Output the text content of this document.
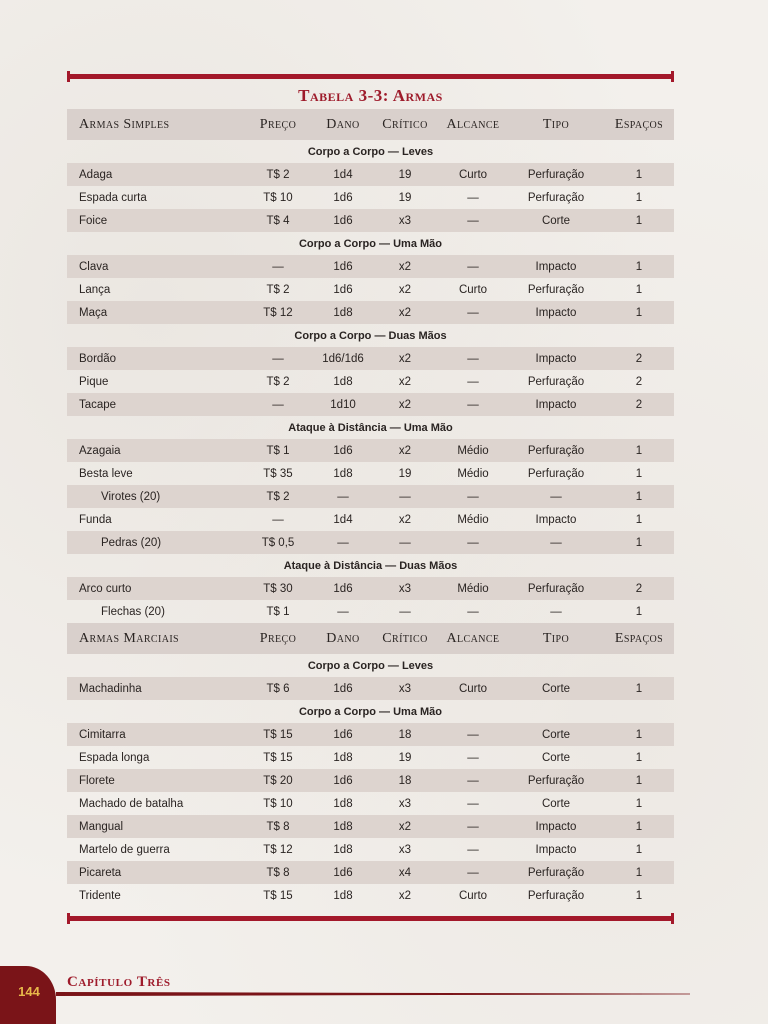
Tabela 3-3: Armas
Armas Simples	Preço	Dano	Crítico	Alcance	Tipo	Espaços
Corpo a Corpo — Leves						
Adaga	T$ 2	1d4	19	Curto	Perfuração	1
Espada curta	T$ 10	1d6	19	—	Perfuração	1
Foice	T$ 4	1d6	x3	—	Corte	1
Corpo a Corpo — Uma Mão						
Clava	—	1d6	x2	—	Impacto	1
Lança	T$ 2	1d6	x2	Curto	Perfuração	1
Maça	T$ 12	1d8	x2	—	Impacto	1
Corpo a Corpo — Duas Mãos						
Bordão	—	1d6/1d6	x2	—	Impacto	2
Pique	T$ 2	1d8	x2	—	Perfuração	2
Tacape	—	1d10	x2	—	Impacto	2
Ataque à Distância — Uma Mão						
Azagaia	T$ 1	1d6	x2	Médio	Perfuração	1
Besta leve	T$ 35	1d8	19	Médio	Perfuração	1
Virotes (20)	T$ 2	—	—	—	—	1
Funda	—	1d4	x2	Médio	Impacto	1
Pedras (20)	T$ 0,5	—	—	—	—	1
Ataque à Distância — Duas Mãos						
Arco curto	T$ 30	1d6	x3	Médio	Perfuração	2
Flechas (20)	T$ 1	—	—	—	—	1
Armas Marciais	Preço	Dano	Crítico	Alcance	Tipo	Espaços
Corpo a Corpo — Leves						
Machadinha	T$ 6	1d6	x3	Curto	Corte	1
Corpo a Corpo — Uma Mão						
Cimitarra	T$ 15	1d6	18	—	Corte	1
Espada longa	T$ 15	1d8	19	—	Corte	1
Florete	T$ 20	1d6	18	—	Perfuração	1
Machado de batalha	T$ 10	1d8	x3	—	Corte	1
Mangual	T$ 8	1d8	x2	—	Impacto	1
Martelo de guerra	T$ 12	1d8	x3	—	Impacto	1
Picareta	T$ 8	1d6	x4	—	Perfuração	1
Tridente	T$ 15	1d8	x2	Curto	Perfuração	1
144
Capítulo Três
